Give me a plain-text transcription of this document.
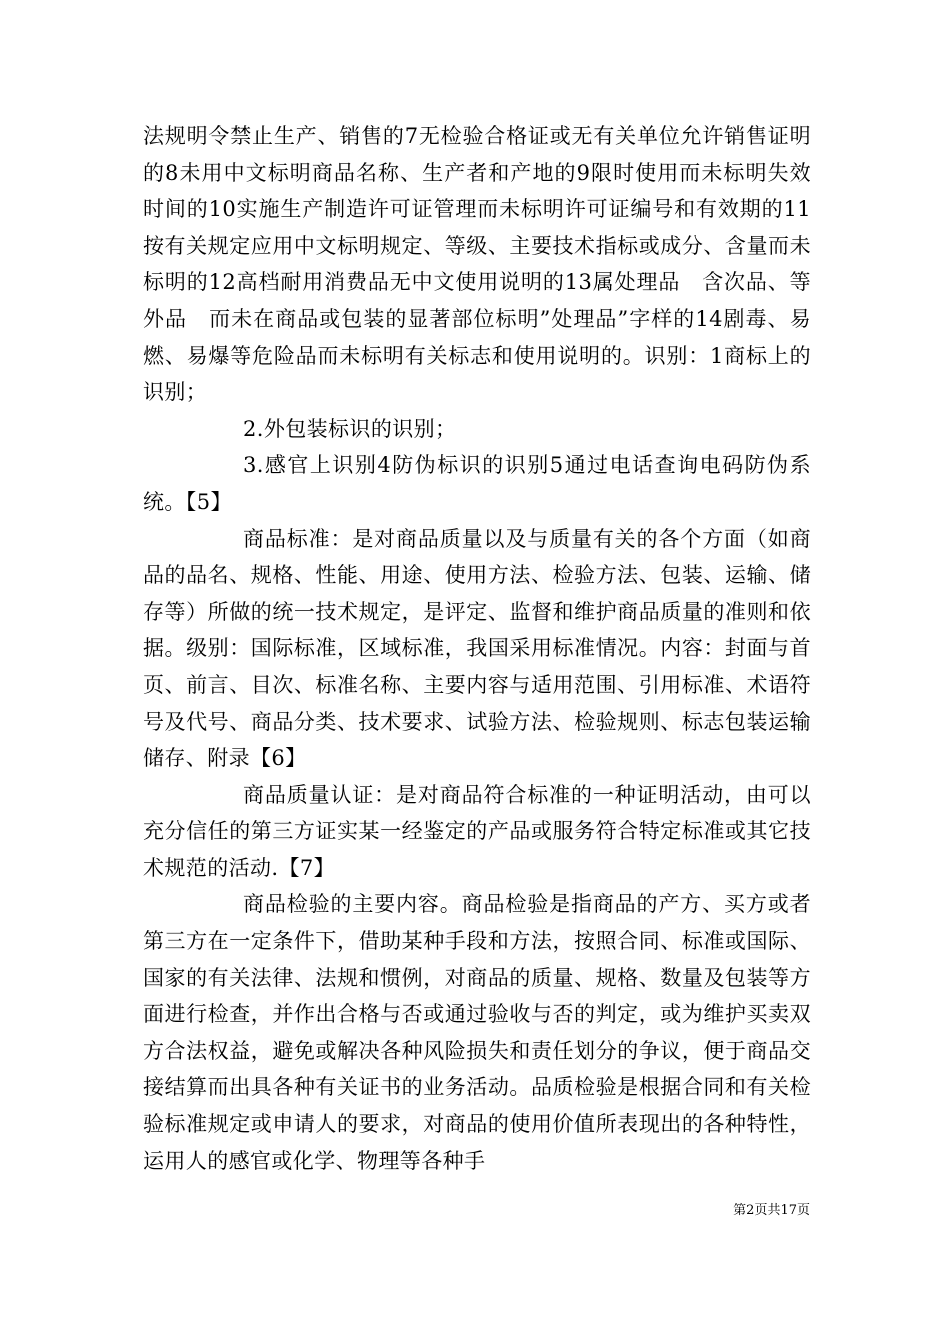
法规明令禁止生产、销售的7无检验合格证或无有关单位允许销售证明的8未用中文标明商品名称、生产者和产地的9限时使用而未标明失效时间的10实施生产制造许可证管理而未标明许可证编号和有效期的11按有关规定应用中文标明规定、等级、主要技术指标或成分、含量而未标明的12高档耐用消费品无中文使用说明的13属处理品　含次品、等外品　而未在商品或包装的显著部位标明”处理品”字样的14剧毒、易燃、易爆等危险品而未标明有关标志和使用说明的。识别：1商标上的识别；

2.外包装标识的识别；

3.感官上识别4防伪标识的识别5通过电话查询电码防伪系统。【5】

商品标准：是对商品质量以及与质量有关的各个方面（如商品的品名、规格、性能、用途、使用方法、检验方法、包装、运输、储存等）所做的统一技术规定，是评定、监督和维护商品质量的准则和依据。级别：国际标准，区域标准，我国采用标准情况。内容：封面与首页、前言、目次、标准名称、主要内容与适用范围、引用标准、术语符号及代号、商品分类、技术要求、试验方法、检验规则、标志包装运输储存、附录【6】

商品质量认证：是对商品符合标准的一种证明活动，由可以充分信任的第三方证实某一经鉴定的产品或服务符合特定标准或其它技术规范的活动.【7】

商品检验的主要内容。商品检验是指商品的产方、买方或者第三方在一定条件下，借助某种手段和方法，按照合同、标准或国际、国家的有关法律、法规和惯例，对商品的质量、规格、数量及包装等方面进行检查，并作出合格与否或通过验收与否的判定，或为维护买卖双方合法权益，避免或解决各种风险损失和责任划分的争议，便于商品交接结算而出具各种有关证书的业务活动。品质检验是根据合同和有关检验标准规定或申请人的要求，对商品的使用价值所表现出的各种特性，运用人的感官或化学、物理等各种手

第2页共17页
